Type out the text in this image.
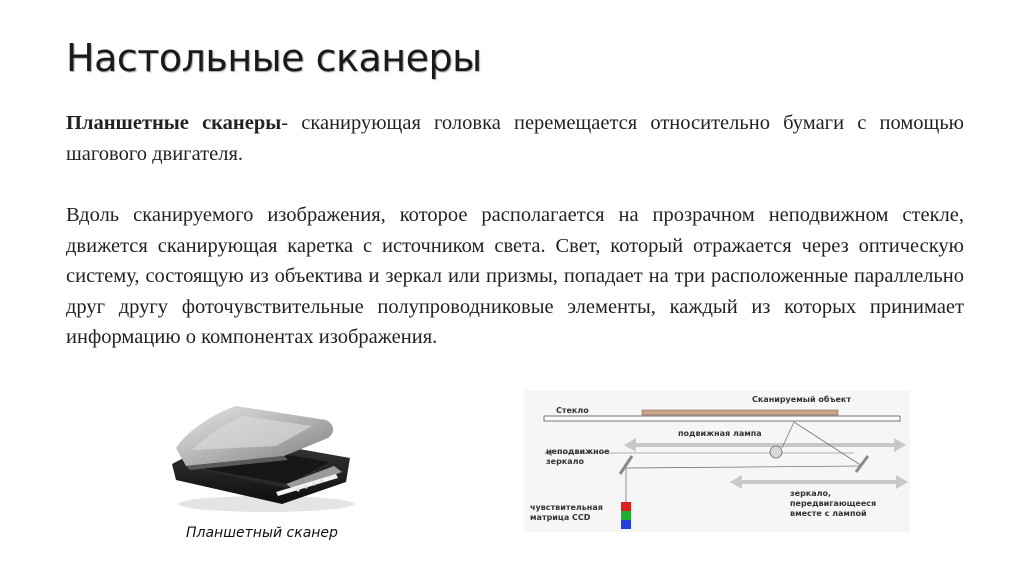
Настольные сканеры

Планшетные сканеры- сканирующая головка перемещается относительно бумаги с помощью шагового двигателя.

Вдоль сканируемого изображения, которое располагается на прозрачном неподвижном стекле, движется сканирующая каретка с источником света. Свет, который отражается через оптическую систему, состоящую из объектива и зеркал или призмы, попадает на три расположенные параллельно друг другу фоточувствительные полупроводниковые элементы, каждый из которых принимает информацию о компонентах изображения.

Планшетный сканер

Стекло
Сканируемый объект
подвижная лампа
неподвижное
зеркало
зеркало,
передвигающееся
вместе с лампой
чувствительная
матрица CCD
